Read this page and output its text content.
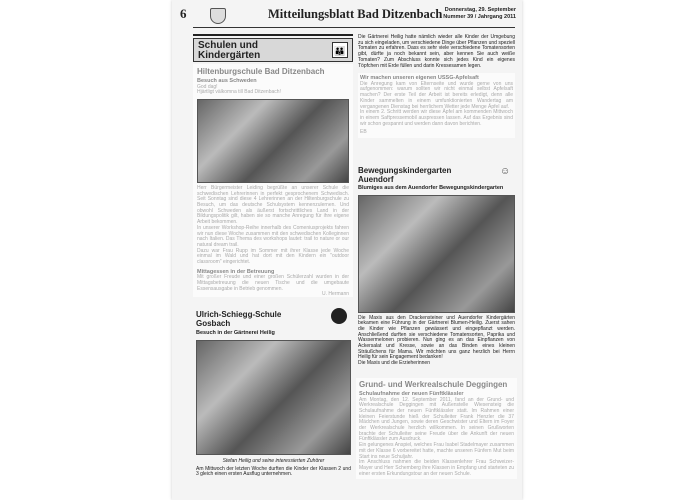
6	Mitteilungsblatt Bad Ditzenbach Donnerstag, 29. September
Nummer 39 / Jahrgang 2011
Schulen und
Kindergärten	👪
Hiltenburgschule Bad Ditzenbach
Besuch aus Schweden
God dag!
Hjärtligt välkomna till Bad Ditzenbach!
Herr Bürgermeister Leiding begrüßte an unserer Schule die schwedischen Lehrerinnen in perfekt gesprochenem Schwedisch. Seit Sonntag sind diese 4 Lehrerinnen an der Hiltenburgschule zu Besuch, um das deutsche Schulsystem kennenzulernen. Und obwohl Schweden als äußerst fortschrittliches Land in der Bildungspolitik gilt, haben sie so manche Anregung für ihre eigene Arbeit bekommen.
In unserer Workshop-Reihe innerhalb des Comeniusprojekts fahren wir nun diese Woche zusammen mit den schwedischen Kolleginnen nach Italien. Das Thema des workshops lautet: trail to nature or our natural dream trail.
Dazu war Frau Rupp im Sommer mit ihrer Klasse jede Woche einmal im Wald und hat dort mit den Kindern ein "outdoor classroom" eingerichtet.
Mittagessen in der Betreuung
Mit großer Freude und einer großen Schülerzahl wurden in der Mittagsbetreuung die neuen Tische und die umgebaute Essensausgabe in Betrieb genommen.
U. Hermann
Ulrich-Schiegg-Schule
Gosbach
Besuch in der Gärtnerei Heilig
Stefan Heilig und seine interessierten Zuhörer
Am Mittwoch der letzten Woche durften die Kinder der Klassen 2 und 3 gleich einen ersten Ausflug unternehmen.
Die Gärtnerei Heilig hatte nämlich wieder alle Kinder der Umgebung zu sich eingeladen, um verschiedene Dinge über Pflanzen und speziell Tomaten zu erfahren. Dass es sehr viele verschiedene Tomatensorten gibt, dürfte ja noch bekannt sein, aber kennen Sie auch weiße Tomaten? Zum Abschluss konnte sich jedes Kind ein eigenes Töpfchen mit Erde füllen und darin Kressesamen legen.
Wir machen unseren eigenen USSG-Apfelsaft
Die Anregung kam von Elternseite und wurde gerne von uns aufgenommen: warum sollten wir nicht einmal selbst Apfelsaft machen? Der erste Teil der Arbeit ist bereits erledigt, denn alle Kinder sammelten in einem umfunktionierten Wandertag am vergangenen Dienstag bei herrlichem Wetter jede Menge Äpfel auf.
In einem 2. Schritt werden wir diese Äpfel am kommenden Mittwoch in einem Saftpressemobil auspressen lassen. Auf das Ergebnis sind wir schon gespannt und werden dann davon berichten.
EB
Bewegungskindergarten
Auendorf
Blumiges aus dem Auendorfer Bewegungskindergarten
Die Maxis aus den Drackensteiner und Auendorfer Kindergärten bekamen eine Führung in der Gärtnerei Blumen-Heilig. Zuerst sahen die Kinder wie Pflanzen gewässert und eingepflanzt werden. Anschließend durften sie verschiedene Tomatensorten, Paprika und Wassermelonen probieren. Nun ging es an das Einpflanzen von Ackersalat und Kresse, sowie an das Binden eines kleinen Sträußchens für Mama. Wir möchten uns ganz herzlich bei Herrn Heilig für sein Engagement bedanken!
Die Maxis und die Erzieherinnen
☺
Grund- und Werkrealschule Deggingen
Schulaufnahme der neuen Fünftklässler
Am Montag, den 12. September 2011, fand an der Grund- und Werkrealschule Deggingen mit Außenstelle Wiesensteig die Schulaufnahme der neuen Fünftklässler statt. Im Rahmen einer kleinen Feierstunde hieß der Schulleiter Frank Henzler die 37 Mädchen und Jungen, sowie deren Geschwister und Eltern im Foyer der Werkrealschule herzlich willkommen. In seinen Grußworten brachte der Schulleiter seine Freude über die Ankunft der neuen Fünftklässler zum Ausdruck.
Ein gelungenes Anspiel, welches Frau Isabel Stadelmayer zusammen mit der Klasse 6 vorbereitet hatte, machte unseren Fünfern Mut beim Start ins neue Schuljahr.
Im Anschluss nahmen die beiden Klassenlehrer Frau Schweizer-Mayer und Herr Schemberg ihre Klassen in Empfang und starteten zu einer ersten Erkundungstour an der neuen Schule.
